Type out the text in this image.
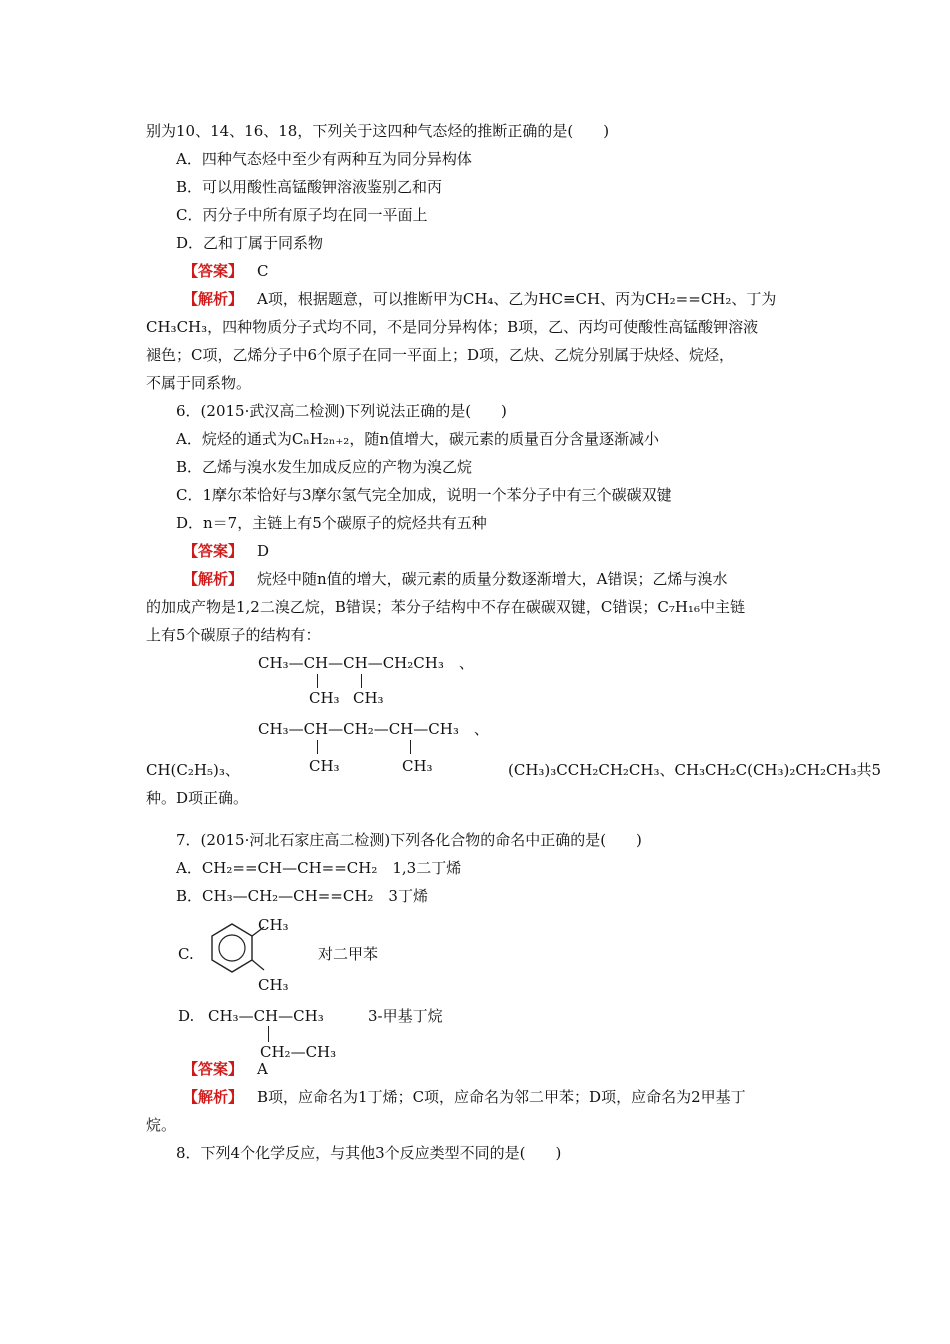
别为10、14、16、18，下列关于这四种气态烃的推断正确的是(　　)
A．四种气态烃中至少有两种互为同分异构体
B．可以用酸性高锰酸钾溶液鉴别乙和丙
C．丙分子中所有原子均在同一平面上
D．乙和丁属于同系物
【答案】 C
【解析】 A项，根据题意，可以推断甲为CH₄、乙为HC≡CH、丙为CH₂==CH₂、丁为
CH₃CH₃，四种物质分子式均不同，不是同分异构体；B项，乙、丙均可使酸性高锰酸钾溶液
褪色；C项，乙烯分子中6个原子在同一平面上；D项，乙炔、乙烷分别属于炔烃、烷烃，
不属于同系物。
6．(2015·武汉高二检测)下列说法正确的是(　　)
A．烷烃的通式为CₙH₂ₙ₊₂，随n值增大，碳元素的质量百分含量逐渐减小
B．乙烯与溴水发生加成反应的产物为溴乙烷
C．1摩尔苯恰好与3摩尔氢气完全加成，说明一个苯分子中有三个碳碳双键
D．n＝7，主链上有5个碳原子的烷烃共有五种
【答案】 D
【解析】 烷烃中随n值的增大，碳元素的质量分数逐渐增大，A错误；乙烯与溴水
的加成产物是1,2二溴乙烷，B错误；苯分子结构中不存在碳碳双键，C错误；C₇H₁₆中主链
上有5个碳原子的结构有：
CH₃—CH—CH—CH₂CH₃　、
CH₃ CH₃
CH₃—CH—CH₂—CH—CH₃　、
CH₃	CH₃
CH(C₂H₅)₃、	(CH₃)₃CCH₂CH₂CH₃、CH₃CH₂C(CH₃)₂CH₂CH₃共5
种。D项正确。
7．(2015·河北石家庄高二检测)下列各化合物的命名中正确的是(　　)
A．CH₂==CH—CH==CH₂　1,3二丁烯
B．CH₃—CH₂—CH==CH₂　3丁烯
C.
CH₃
CH₃
对二甲苯
D. CH₃—CH—CH₃
CH₂—CH₃
3-甲基丁烷
【答案】 A
【解析】 B项，应命名为1丁烯；C项，应命名为邻二甲苯；D项，应命名为2甲基丁
烷。
8．下列4个化学反应，与其他3个反应类型不同的是(　　)
